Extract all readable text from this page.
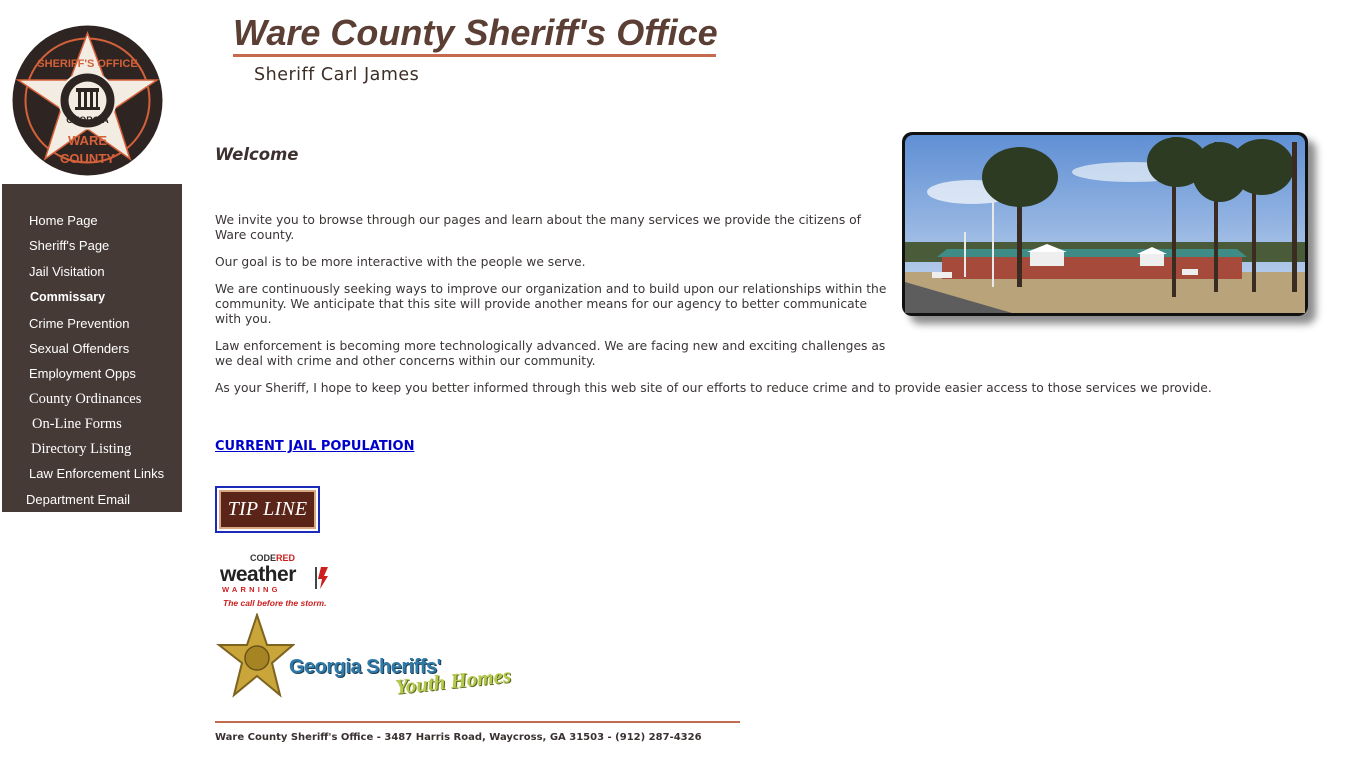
GEORGIA
SHERIFF'S OFFICE
WARE
COUNTY
Home Page
Sheriff's Page
Jail Visitation
Commissary
Crime Prevention
Sexual Offenders
Employment Opps
County Ordinances
On-Line Forms
Directory Listing
Law Enforcement Links
Department Email
Ware County Sheriff's Office
Sheriff Carl James
Welcome

We invite you to browse through our pages and learn about the many services we provide the citizens of Ware county.

Our goal is to be more interactive with the people we serve.

We are continuously seeking ways to improve our organization and to build upon our relationships within the community. We anticipate that this site will provide another means for our agency to better communicate with you.

Law enforcement is becoming more technologically advanced. We are facing new and exciting challenges as we deal with crime and other concerns within our community.

As your Sheriff, I hope to keep you better informed through this web site of our efforts to reduce crime and to provide easier access to those services we provide.

CURRENT JAIL POPULATION
TIP LINE
CODERED
weather
WARNING
The call before the storm.
Georgia Sheriffs'
Youth Homes
Ware County Sheriff's Office - 3487 Harris Road, Waycross, GA 31503 - (912) 287-4326
